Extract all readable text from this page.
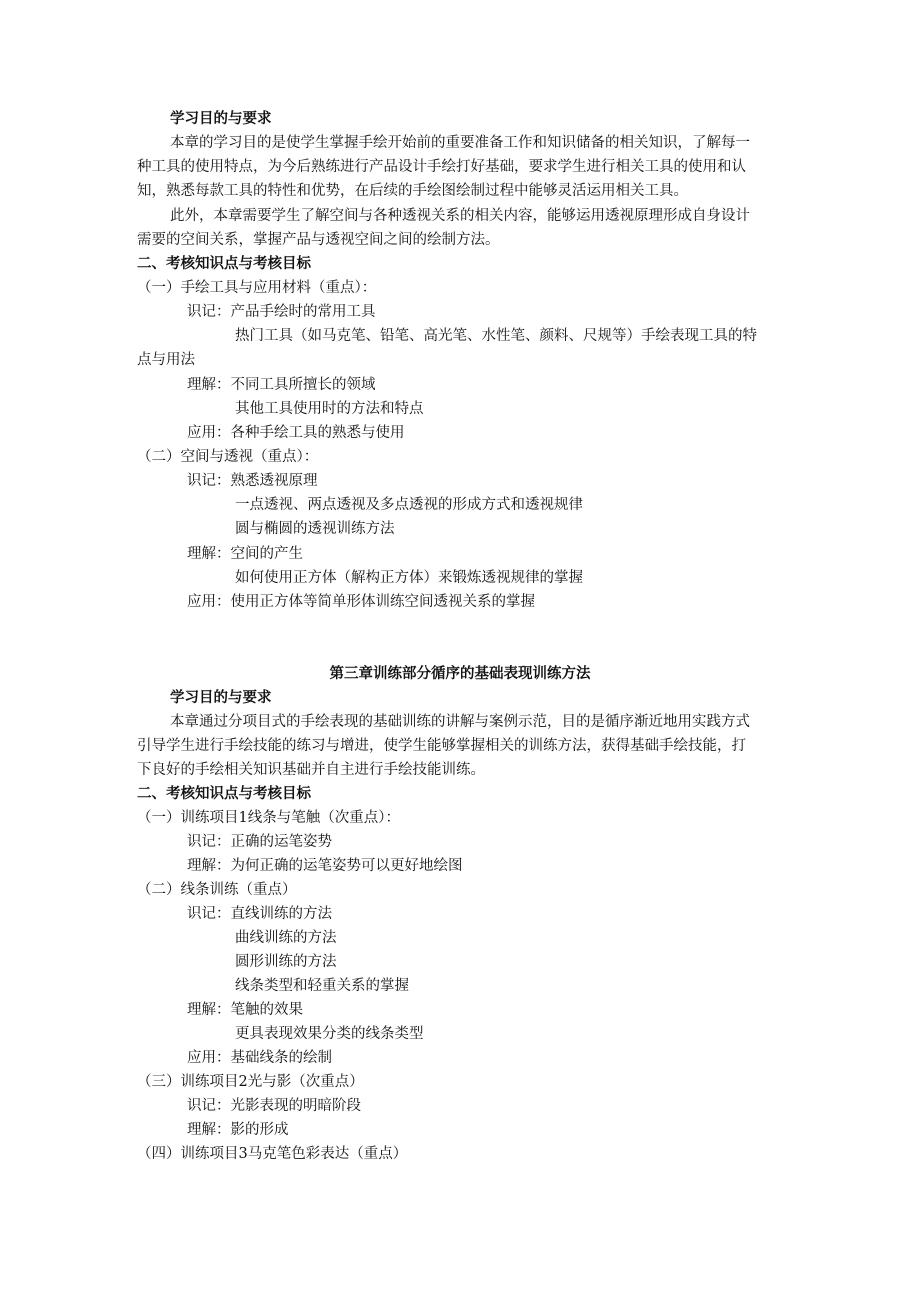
学习目的与要求
本章的学习目的是使学生掌握手绘开始前的重要准备工作和知识储备的相关知识，了解每一
种工具的使用特点，为今后熟练进行产品设计手绘打好基础，要求学生进行相关工具的使用和认
知，熟悉每款工具的特性和优势，在后续的手绘图绘制过程中能够灵活运用相关工具。
此外，本章需要学生了解空间与各种透视关系的相关内容，能够运用透视原理形成自身设计
需要的空间关系，掌握产品与透视空间之间的绘制方法。
二、考核知识点与考核目标
（一）手绘工具与应用材料（重点）：
识记：产品手绘时的常用工具
热门工具（如马克笔、铅笔、高光笔、水性笔、颜料、尺规等）手绘表现工具的特
点与用法
理解：不同工具所擅长的领域
其他工具使用时的方法和特点
应用：各种手绘工具的熟悉与使用
（二）空间与透视（重点）：
识记：熟悉透视原理
一点透视、两点透视及多点透视的形成方式和透视规律
圆与椭圆的透视训练方法
理解：空间的产生
如何使用正方体（解构正方体）来锻炼透视规律的掌握
应用：使用正方体等简单形体训练空间透视关系的掌握
第三章训练部分循序的基础表现训练方法
学习目的与要求
本章通过分项目式的手绘表现的基础训练的讲解与案例示范，目的是循序渐近地用实践方式
引导学生进行手绘技能的练习与增进，使学生能够掌握相关的训练方法，获得基础手绘技能，打
下良好的手绘相关知识基础并自主进行手绘技能训练。
二、考核知识点与考核目标
（一）训练项目1线条与笔触（次重点）：
识记：正确的运笔姿势
理解：为何正确的运笔姿势可以更好地绘图
（二）线条训练（重点）
识记：直线训练的方法
曲线训练的方法
圆形训练的方法
线条类型和轻重关系的掌握
理解：笔触的效果
更具表现效果分类的线条类型
应用：基础线条的绘制
（三）训练项目2光与影（次重点）
识记：光影表现的明暗阶段
理解：影的形成
（四）训练项目3马克笔色彩表达（重点）
